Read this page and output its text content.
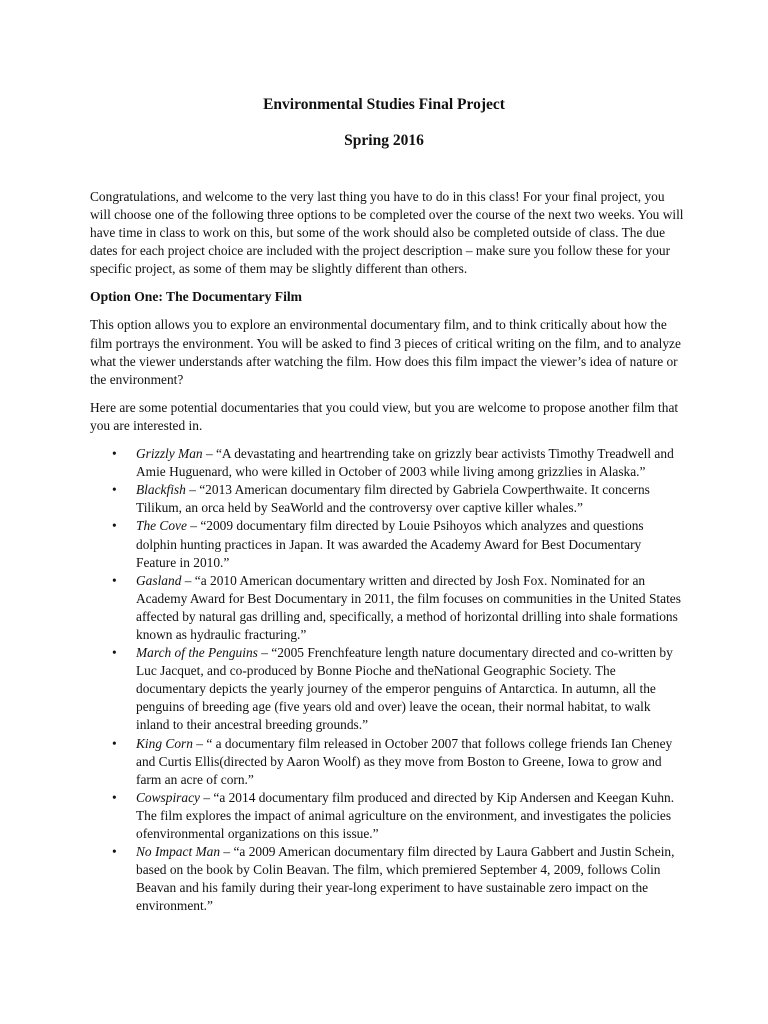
Environmental Studies Final Project
Spring 2016

Congratulations, and welcome to the very last thing you have to do in this class! For your final project, you will choose one of the following three options to be completed over the course of the next two weeks. You will have time in class to work on this, but some of the work should also be completed outside of class. The due dates for each project choice are included with the project description – make sure you follow these for your specific project, as some of them may be slightly different than others.

Option One: The Documentary Film

This option allows you to explore an environmental documentary film, and to think critically about how the film portrays the environment. You will be asked to find 3 pieces of critical writing on the film, and to analyze what the viewer understands after watching the film. How does this film impact the viewer’s idea of nature or the environment?

Here are some potential documentaries that you could view, but you are welcome to propose another film that you are interested in.

• Grizzly Man – “A devastating and heartrending take on grizzly bear activists Timothy Treadwell and Amie Huguenard, who were killed in October of 2003 while living among grizzlies in Alaska.”
• Blackfish – “2013 American documentary film directed by Gabriela Cowperthwaite. It concerns Tilikum, an orca held by SeaWorld and the controversy over captive killer whales.”
• The Cove – “2009 documentary film directed by Louie Psihoyos which analyzes and questions dolphin hunting practices in Japan. It was awarded the Academy Award for Best Documentary Feature in 2010.”
• Gasland – “a 2010 American documentary written and directed by Josh Fox. Nominated for an Academy Award for Best Documentary in 2011, the film focuses on communities in the United States affected by natural gas drilling and, specifically, a method of horizontal drilling into shale formations known as hydraulic fracturing.”
• March of the Penguins – “2005 Frenchfeature length nature documentary directed and co-written by Luc Jacquet, and co-produced by Bonne Pioche and theNational Geographic Society. The documentary depicts the yearly journey of the emperor penguins of Antarctica. In autumn, all the penguins of breeding age (five years old and over) leave the ocean, their normal habitat, to walk inland to their ancestral breeding grounds.”
• King Corn – “ a documentary film released in October 2007 that follows college friends Ian Cheney and Curtis Ellis(directed by Aaron Woolf) as they move from Boston to Greene, Iowa to grow and farm an acre of corn.”
• Cowspiracy – “a 2014 documentary film produced and directed by Kip Andersen and Keegan Kuhn. The film explores the impact of animal agriculture on the environment, and investigates the policies ofenvironmental organizations on this issue.”
• No Impact Man – “a 2009 American documentary film directed by Laura Gabbert and Justin Schein, based on the book by Colin Beavan. The film, which premiered September 4, 2009, follows Colin Beavan and his family during their year-long experiment to have sustainable zero impact on the environment.”
